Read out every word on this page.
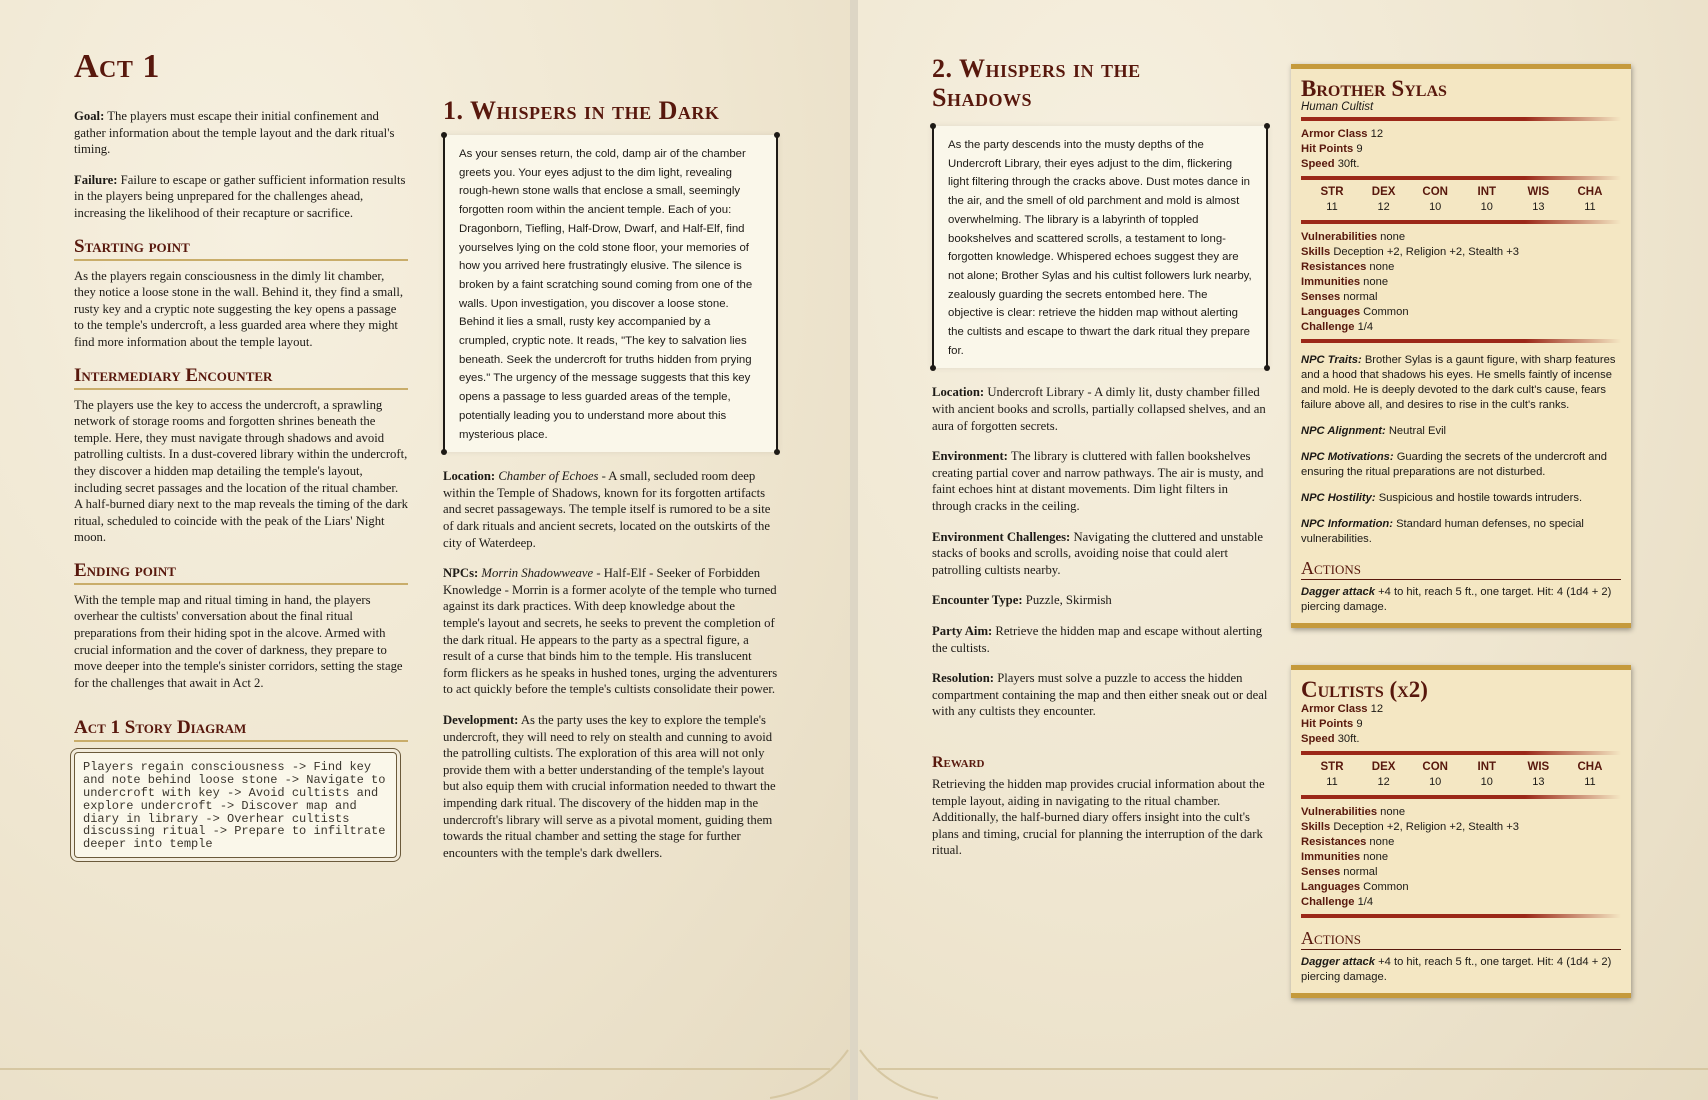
Act 1

Goal: The players must escape their initial confinement and gather information about the temple layout and the dark ritual's timing.

Failure: Failure to escape or gather sufficient information results in the players being unprepared for the challenges ahead, increasing the likelihood of their recapture or sacrifice.

Starting point

As the players regain consciousness in the dimly lit chamber, they notice a loose stone in the wall. Behind it, they find a small, rusty key and a cryptic note suggesting the key opens a passage to the temple's undercroft, a less guarded area where they might find more information about the temple layout.

Intermediary Encounter

The players use the key to access the undercroft, a sprawling network of storage rooms and forgotten shrines beneath the temple. Here, they must navigate through shadows and avoid patrolling cultists. In a dust-covered library within the undercroft, they discover a hidden map detailing the temple's layout, including secret passages and the location of the ritual chamber. A half-burned diary next to the map reveals the timing of the dark ritual, scheduled to coincide with the peak of the Liars' Night moon.

Ending point

With the temple map and ritual timing in hand, the players overhear the cultists' conversation about the final ritual preparations from their hiding spot in the alcove. Armed with crucial information and the cover of darkness, they prepare to move deeper into the temple's sinister corridors, setting the stage for the challenges that await in Act 2.

Act 1 Story Diagram
Players regain consciousness -> Find key and note behind loose stone -> Navigate to undercroft with key -> Avoid cultists and explore undercroft -> Discover map and diary in library -> Overhear cultists discussing ritual -> Prepare to infiltrate deeper into temple
1. Whispers in the Dark
As your senses return, the cold, damp air of the chamber greets you. Your eyes adjust to the dim light, revealing rough-hewn stone walls that enclose a small, seemingly forgotten room within the ancient temple. Each of you: Dragonborn, Tiefling, Half-Drow, Dwarf, and Half-Elf, find yourselves lying on the cold stone floor, your memories of how you arrived here frustratingly elusive. The silence is broken by a faint scratching sound coming from one of the walls. Upon investigation, you discover a loose stone. Behind it lies a small, rusty key accompanied by a crumpled, cryptic note. It reads, "The key to salvation lies beneath. Seek the undercroft for truths hidden from prying eyes." The urgency of the message suggests that this key opens a passage to less guarded areas of the temple, potentially leading you to understand more about this mysterious place.

Location: Chamber of Echoes - A small, secluded room deep within the Temple of Shadows, known for its forgotten artifacts and secret passageways. The temple itself is rumored to be a site of dark rituals and ancient secrets, located on the outskirts of the city of Waterdeep.

NPCs: Morrin Shadowweave - Half-Elf - Seeker of Forbidden Knowledge - Morrin is a former acolyte of the temple who turned against its dark practices. With deep knowledge about the temple's layout and secrets, he seeks to prevent the completion of the dark ritual. He appears to the party as a spectral figure, a result of a curse that binds him to the temple. His translucent form flickers as he speaks in hushed tones, urging the adventurers to act quickly before the temple's cultists consolidate their power.

Development: As the party uses the key to explore the temple's undercroft, they will need to rely on stealth and cunning to avoid the patrolling cultists. The exploration of this area will not only provide them with a better understanding of the temple's layout but also equip them with crucial information needed to thwart the impending dark ritual. The discovery of the hidden map in the undercroft's library will serve as a pivotal moment, guiding them towards the ritual chamber and setting the stage for further encounters with the temple's dark dwellers.

2. Whispers in the Shadows
As the party descends into the musty depths of the Undercroft Library, their eyes adjust to the dim, flickering light filtering through the cracks above. Dust motes dance in the air, and the smell of old parchment and mold is almost overwhelming. The library is a labyrinth of toppled bookshelves and scattered scrolls, a testament to long-forgotten knowledge. Whispered echoes suggest they are not alone; Brother Sylas and his cultist followers lurk nearby, zealously guarding the secrets entombed here. The objective is clear: retrieve the hidden map without alerting the cultists and escape to thwart the dark ritual they prepare for.

Location: Undercroft Library - A dimly lit, dusty chamber filled with ancient books and scrolls, partially collapsed shelves, and an aura of forgotten secrets.

Environment: The library is cluttered with fallen bookshelves creating partial cover and narrow pathways. The air is musty, and faint echoes hint at distant movements. Dim light filters in through cracks in the ceiling.

Environment Challenges: Navigating the cluttered and unstable stacks of books and scrolls, avoiding noise that could alert patrolling cultists nearby.

Encounter Type: Puzzle, Skirmish

Party Aim: Retrieve the hidden map and escape without alerting the cultists.

Resolution: Players must solve a puzzle to access the hidden compartment containing the map and then either sneak out or deal with any cultists they encounter.

Reward

Retrieving the hidden map provides crucial information about the temple layout, aiding in navigating to the ritual chamber. Additionally, the half-burned diary offers insight into the cult's plans and timing, crucial for planning the interruption of the dark ritual.

Brother Sylas
Human Cultist
Armor Class 12
Hit Points 9
Speed 30ft.
STR
11
DEX
12
CON
10
INT
10
WIS
13
CHA
11
Vulnerabilities none
Skills Deception +2, Religion +2, Stealth +3
Resistances none
Immunities none
Senses normal
Languages Common
Challenge 1/4

NPC Traits: Brother Sylas is a gaunt figure, with sharp features and a hood that shadows his eyes. He smells faintly of incense and mold. He is deeply devoted to the dark cult's cause, fears failure above all, and desires to rise in the cult's ranks.

NPC Alignment: Neutral Evil

NPC Motivations: Guarding the secrets of the undercroft and ensuring the ritual preparations are not disturbed.

NPC Hostility: Suspicious and hostile towards intruders.

NPC Information: Standard human defenses, no special vulnerabilities.

Actions

Dagger attack +4 to hit, reach 5 ft., one target. Hit: 4 (1d4 + 2) piercing damage.

Cultists (x2)
Armor Class 12
Hit Points 9
Speed 30ft.
STR
11
DEX
12
CON
10
INT
10
WIS
13
CHA
11
Vulnerabilities none
Skills Deception +2, Religion +2, Stealth +3
Resistances none
Immunities none
Senses normal
Languages Common
Challenge 1/4
Actions

Dagger attack +4 to hit, reach 5 ft., one target. Hit: 4 (1d4 + 2) piercing damage.
